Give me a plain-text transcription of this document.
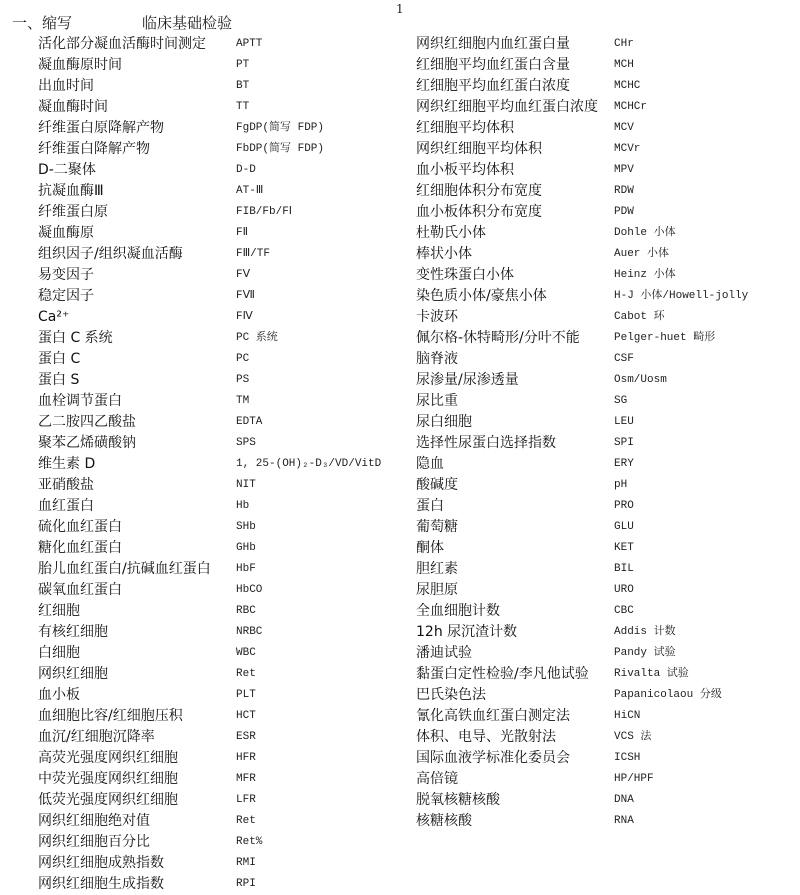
1
一、缩写	临床基础检验
活化部分凝血活酶时间测定	APTT
凝血酶原时间	PT
出血时间	BT
凝血酶时间	TT
纤维蛋白原降解产物	FgDP(简写 FDP)
纤维蛋白降解产物	FbDP(简写 FDP)
D-二聚体	D-D
抗凝血酶Ⅲ	AT-Ⅲ
纤维蛋白原	FIB/Fb/FⅠ
凝血酶原	FⅡ
组织因子/组织凝血活酶	FⅢ/TF
易变因子	FⅤ
稳定因子	FⅦ
Ca²⁺	FⅣ
蛋白 C 系统	PC 系统
蛋白 C	PC
蛋白 S	PS
血栓调节蛋白	TM
乙二胺四乙酸盐	EDTA
聚苯乙烯磺酸钠	SPS
维生素 D	1, 25-(OH)₂-D₃/VD/VitD
亚硝酸盐	NIT
血红蛋白	Hb
硫化血红蛋白	SHb
糖化血红蛋白	GHb
胎儿血红蛋白/抗碱血红蛋白	HbF
碳氧血红蛋白	HbCO
红细胞	RBC
有核红细胞	NRBC
白细胞	WBC
网织红细胞	Ret
血小板	PLT
血细胞比容/红细胞压积	HCT
血沉/红细胞沉降率	ESR
高荧光强度网织红细胞	HFR
中荧光强度网织红细胞	MFR
低荧光强度网织红细胞	LFR
网织红细胞绝对值	Ret
网织红细胞百分比	Ret%
网织红细胞成熟指数	RMI
网织红细胞生成指数	RPI
网织红细胞内血红蛋白量	CHr
红细胞平均血红蛋白含量	MCH
红细胞平均血红蛋白浓度	MCHC
网织红细胞平均血红蛋白浓度	MCHCr
红细胞平均体积	MCV
网织红细胞平均体积	MCVr
血小板平均体积	MPV
红细胞体积分布宽度	RDW
血小板体积分布宽度	PDW
杜勒氏小体	Dohle 小体
棒状小体	Auer 小体
变性珠蛋白小体	Heinz 小体
染色质小体/豪焦小体	H-J 小体/Howell-jolly
卡波环	Cabot 环
佩尔格-休特畸形/分叶不能	Pelger-huet 畸形
脑脊液	CSF
尿渗量/尿渗透量	Osm/Uosm
尿比重	SG
尿白细胞	LEU
选择性尿蛋白选择指数	SPI
隐血	ERY
酸碱度	pH
蛋白	PRO
葡萄糖	GLU
酮体	KET
胆红素	BIL
尿胆原	URO
全血细胞计数	CBC
12h 尿沉渣计数	Addis 计数
潘迪试验	Pandy 试验
黏蛋白定性检验/李凡他试验	Rivalta 试验
巴氏染色法	Papanicolaou 分级
氰化高铁血红蛋白测定法	HiCN
体积、电导、光散射法	VCS 法
国际血液学标准化委员会	ICSH
高倍镜	HP/HPF
脱氧核糖核酸	DNA
核糖核酸	RNA
